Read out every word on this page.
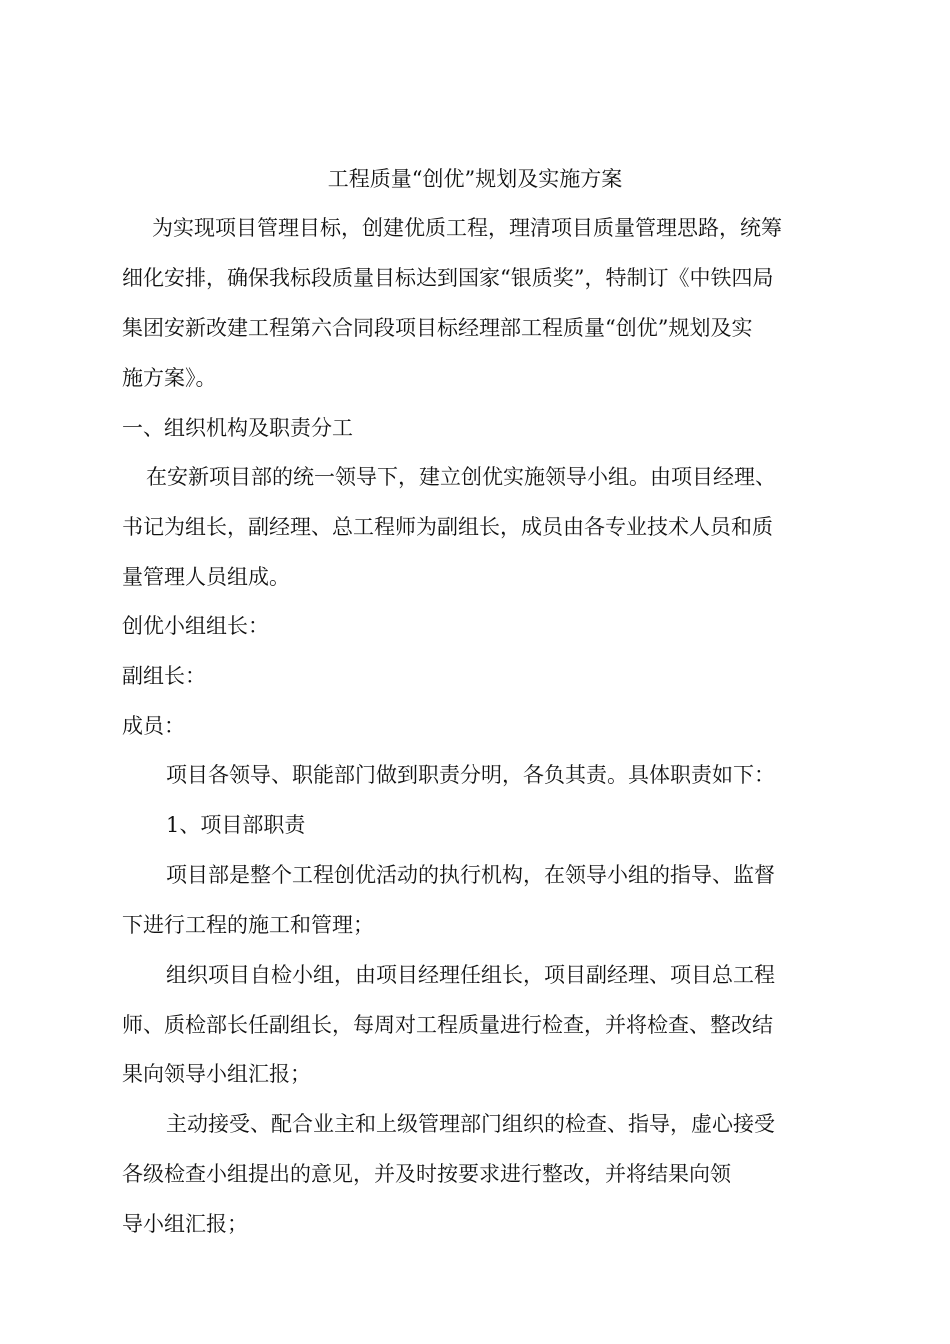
工程质量“创优”规划及实施方案
为实现项目管理目标，创建优质工程，理清项目质量管理思路，统筹
细化安排，确保我标段质量目标达到国家“银质奖”，特制订《中铁四局
集团安新改建工程第六合同段项目标经理部工程质量“创优”规划及实
施方案》。
一、组织机构及职责分工
在安新项目部的统一领导下，建立创优实施领导小组。由项目经理、
书记为组长，副经理、总工程师为副组长，成员由各专业技术人员和质
量管理人员组成。
创优小组组长：
副组长：
成员：
项目各领导、职能部门做到职责分明，各负其责。具体职责如下：
1、项目部职责
项目部是整个工程创优活动的执行机构，在领导小组的指导、监督
下进行工程的施工和管理；
组织项目自检小组，由项目经理任组长，项目副经理、项目总工程
师、质检部长任副组长，每周对工程质量进行检查，并将检查、整改结
果向领导小组汇报；
主动接受、配合业主和上级管理部门组织的检查、指导，虚心接受
各级检查小组提出的意见，并及时按要求进行整改，并将结果向领
导小组汇报；
